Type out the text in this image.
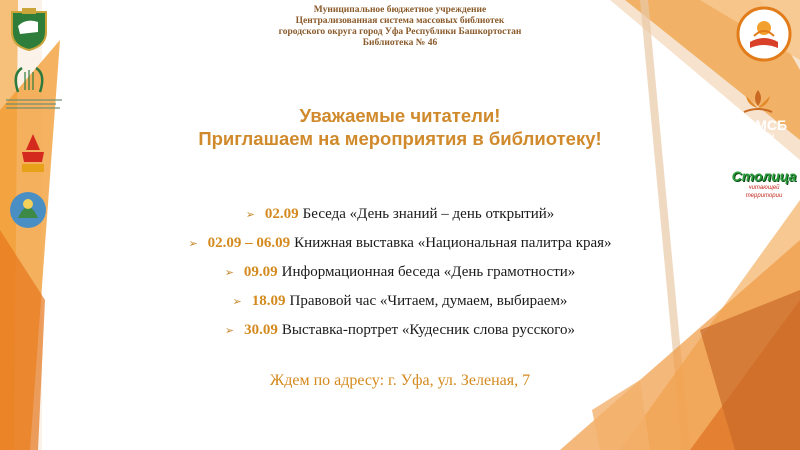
Муниципальное бюджетное учреждение
Централизованная система массовых библиотек
городского округа город Уфа Республики Башкортостан
Библиотека № 46
ЦМСБ
г. Уфа
Столица
читающей территории
Уважаемые читатели!
Приглашаем на мероприятия в библиотеку!
➢ 02.09 Беседа «День знаний – день открытий»
➢ 02.09 – 06.09 Книжная выставка «Национальная палитра края»
➢ 09.09 Информационная беседа «День грамотности»
➢ 18.09 Правовой час «Читаем, думаем, выбираем»
➢ 30.09 Выставка-портрет «Кудесник слова русского»
Ждем по адресу: г. Уфа, ул. Зеленая, 7
